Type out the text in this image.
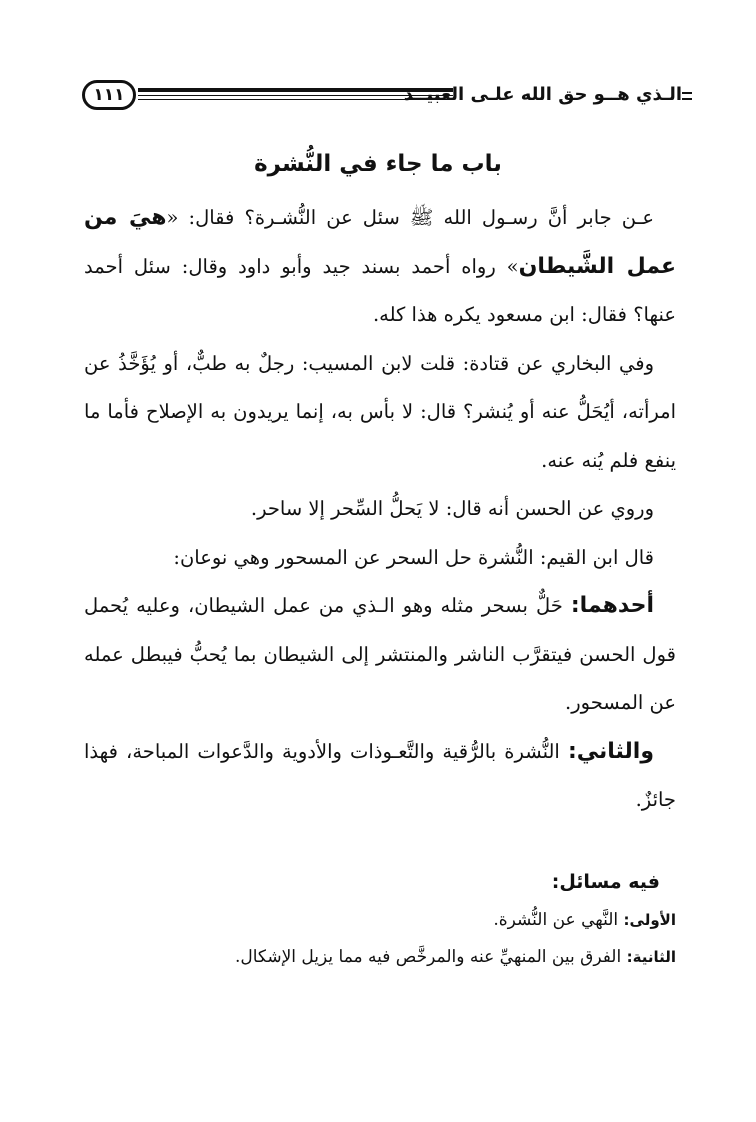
١١١	الـذي هــو حق الله علـى العبيــد
باب ما جاء في النُّشرة

عـن جابر أنَّ رسـول الله ﷺ سئل عن النُّشـرة؟ فقال: «هيَ من عمل الشَّيطان» رواه أحمد بسند جيد وأبو داود وقال: سئل أحمد عنها؟ فقال: ابن مسعود يكره هذا كله.

وفي البخاري عن قتادة: قلت لابن المسيب: رجلٌ به طبٌّ، أو يُؤَخَّذُ عن امرأته، أيُحَلُّ عنه أو يُنشر؟ قال: لا بأس به، إنما يريدون به الإصلاح فأما ما ينفع فلم يُنه عنه.

وروي عن الحسن أنه قال: لا يَحلُّ السِّحر إلا ساحر.

قال ابن القيم: النُّشرة حل السحر عن المسحور وهي نوعان:

أحدهما: حَلٌّ بسحر مثله وهو الـذي من عمل الشيطان، وعليه يُحمل قول الحسن فيتقرَّب الناشر والمنتشر إلى الشيطان بما يُحبُّ فيبطل عمله عن المسحور.

والثاني: النُّشرة بالرُّقية والتَّعـوذات والأدوية والدَّعوات المباحة، فهذا جائزٌ.

فيه مسائل:
الأولى: النَّهي عن النُّشرة.
الثانية: الفرق بين المنهيِّ عنه والمرخَّص فيه مما يزيل الإشكال.
